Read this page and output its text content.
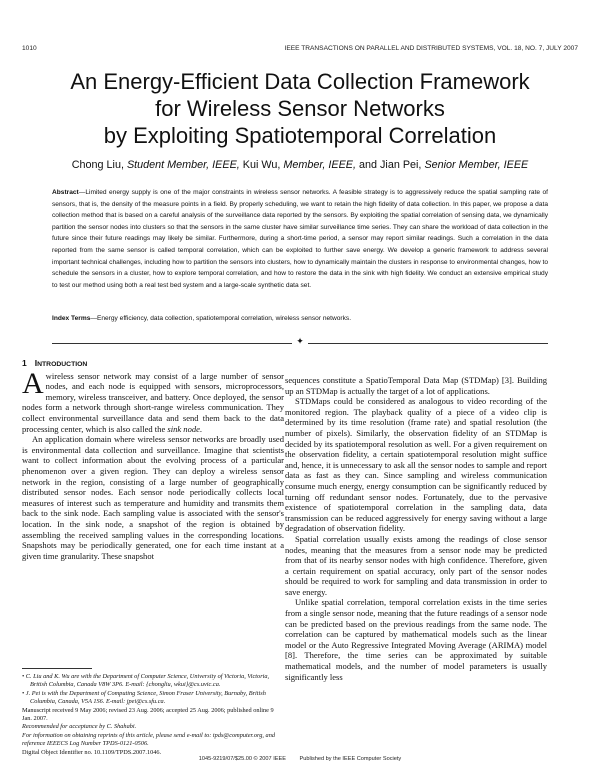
1010	IEEE TRANSACTIONS ON PARALLEL AND DISTRIBUTED SYSTEMS, VOL. 18, NO. 7, JULY 2007
An Energy-Efficient Data Collection Framework
for Wireless Sensor Networks
by Exploiting Spatiotemporal Correlation
Chong Liu, Student Member, IEEE, Kui Wu, Member, IEEE, and Jian Pei, Senior Member, IEEE
Abstract—Limited energy supply is one of the major constraints in wireless sensor networks. A feasible strategy is to aggressively reduce the spatial sampling rate of sensors, that is, the density of the measure points in a field. By properly scheduling, we want to retain the high fidelity of data collection. In this paper, we propose a data collection method that is based on a careful analysis of the surveillance data reported by the sensors. By exploiting the spatial correlation of sensing data, we dynamically partition the sensor nodes into clusters so that the sensors in the same cluster have similar surveillance time series. They can share the workload of data collection in the future since their future readings may likely be similar. Furthermore, during a short-time period, a sensor may report similar readings. Such a correlation in the data reported from the same sensor is called temporal correlation, which can be exploited to further save energy. We develop a generic framework to address several important technical challenges, including how to partition the sensors into clusters, how to dynamically maintain the clusters in response to environmental changes, how to schedule the sensors in a cluster, how to explore temporal correlation, and how to restore the data in the sink with high fidelity. We conduct an extensive empirical study to test our method using both a real test bed system and a large-scale synthetic data set.
Index Terms—Energy efficiency, data collection, spatiotemporal correlation, wireless sensor networks.
✦

1 INTRODUCTION

A wireless sensor network may consist of a large number of sensor nodes, and each node is equipped with sensors, microprocessors, memory, wireless transceiver, and battery. Once deployed, the sensor nodes form a network through short-range wireless communication. They collect environmental surveillance data and send them back to the data processing center, which is also called the sink node.

An application domain where wireless sensor networks are broadly used is environmental data collection and surveillance. Imagine that scientists want to collect information about the evolving process of a particular phenomenon over a given region. They can deploy a wireless sensor network in the region, consisting of a large number of geographically distributed sensor nodes. Each sensor node periodically collects local measures of interest such as temperature and humidity and transmits them back to the sink node. Each sampling value is associated with the sensor's location. In the sink node, a snapshot of the region is obtained by assembling the received sampling values in the corresponding locations. Snapshots may be periodically generated, one for each time instant at a given time granularity. These snapshot

sequences constitute a SpatioTemporal Data Map (STDMap) [3]. Building up an STDMap is actually the target of a lot of applications.

STDMaps could be considered as analogous to video recording of the monitored region. The playback quality of a piece of a video clip is determined by its time resolution (frame rate) and spatial resolution (the number of pixels). Similarly, the observation fidelity of an STDMap is decided by its spatiotemporal resolution as well. For a given requirement on the observation fidelity, a certain spatiotemporal resolution might suffice and, hence, it is unnecessary to ask all the sensor nodes to sample and report data as fast as they can. Since sampling and wireless communication consume much energy, energy consumption can be significantly reduced by turning off redundant sensor nodes. Fortunately, due to the pervasive existence of spatiotemporal correlation in the sampling data, data transmission can be reduced aggressively for energy saving without a large degradation of observation fidelity.

Spatial correlation usually exists among the readings of close sensor nodes, meaning that the measures from a sensor node may be predicted from that of its nearby sensor nodes with high confidence. Therefore, given a certain requirement on spatial accuracy, only part of the sensor nodes should be required to work for sampling and data transmission in order to save energy.

Unlike spatial correlation, temporal correlation exists in the time series from a single sensor node, meaning that the future readings of a sensor node can be predicted based on the previous readings from the same node. The correlation can be captured by mathematical models such as the linear model or the Auto Regressive Integrated Moving Average (ARIMA) model [8]. Therefore, the time series can be approximated by suitable mathematical models, and the number of model parameters is usually significantly less

• C. Liu and K. Wu are with the Department of Computer Science, University of Victoria, Victoria, British Columbia, Canada V8W 3P6. E-mail: {chongliu, wkui}@cs.uvic.ca.
• J. Pei is with the Department of Computing Science, Simon Fraser University, Burnaby, British Columbia, Canada, V5A 1S6. E-mail: jpei@cs.sfu.ca.
Manuscript received 9 May 2006; revised 23 Aug. 2006; accepted 25 Aug. 2006; published online 9 Jan. 2007.
Recommended for acceptance by C. Shahabi.
For information on obtaining reprints of this article, please send e-mail to: tpds@computer.org, and reference IEEECS Log Number TPDS-0121-0506.
Digital Object Identifier no. 10.1109/TPDS.2007.1046.
1045-9219/07/$25.00 © 2007 IEEE Published by the IEEE Computer Society
